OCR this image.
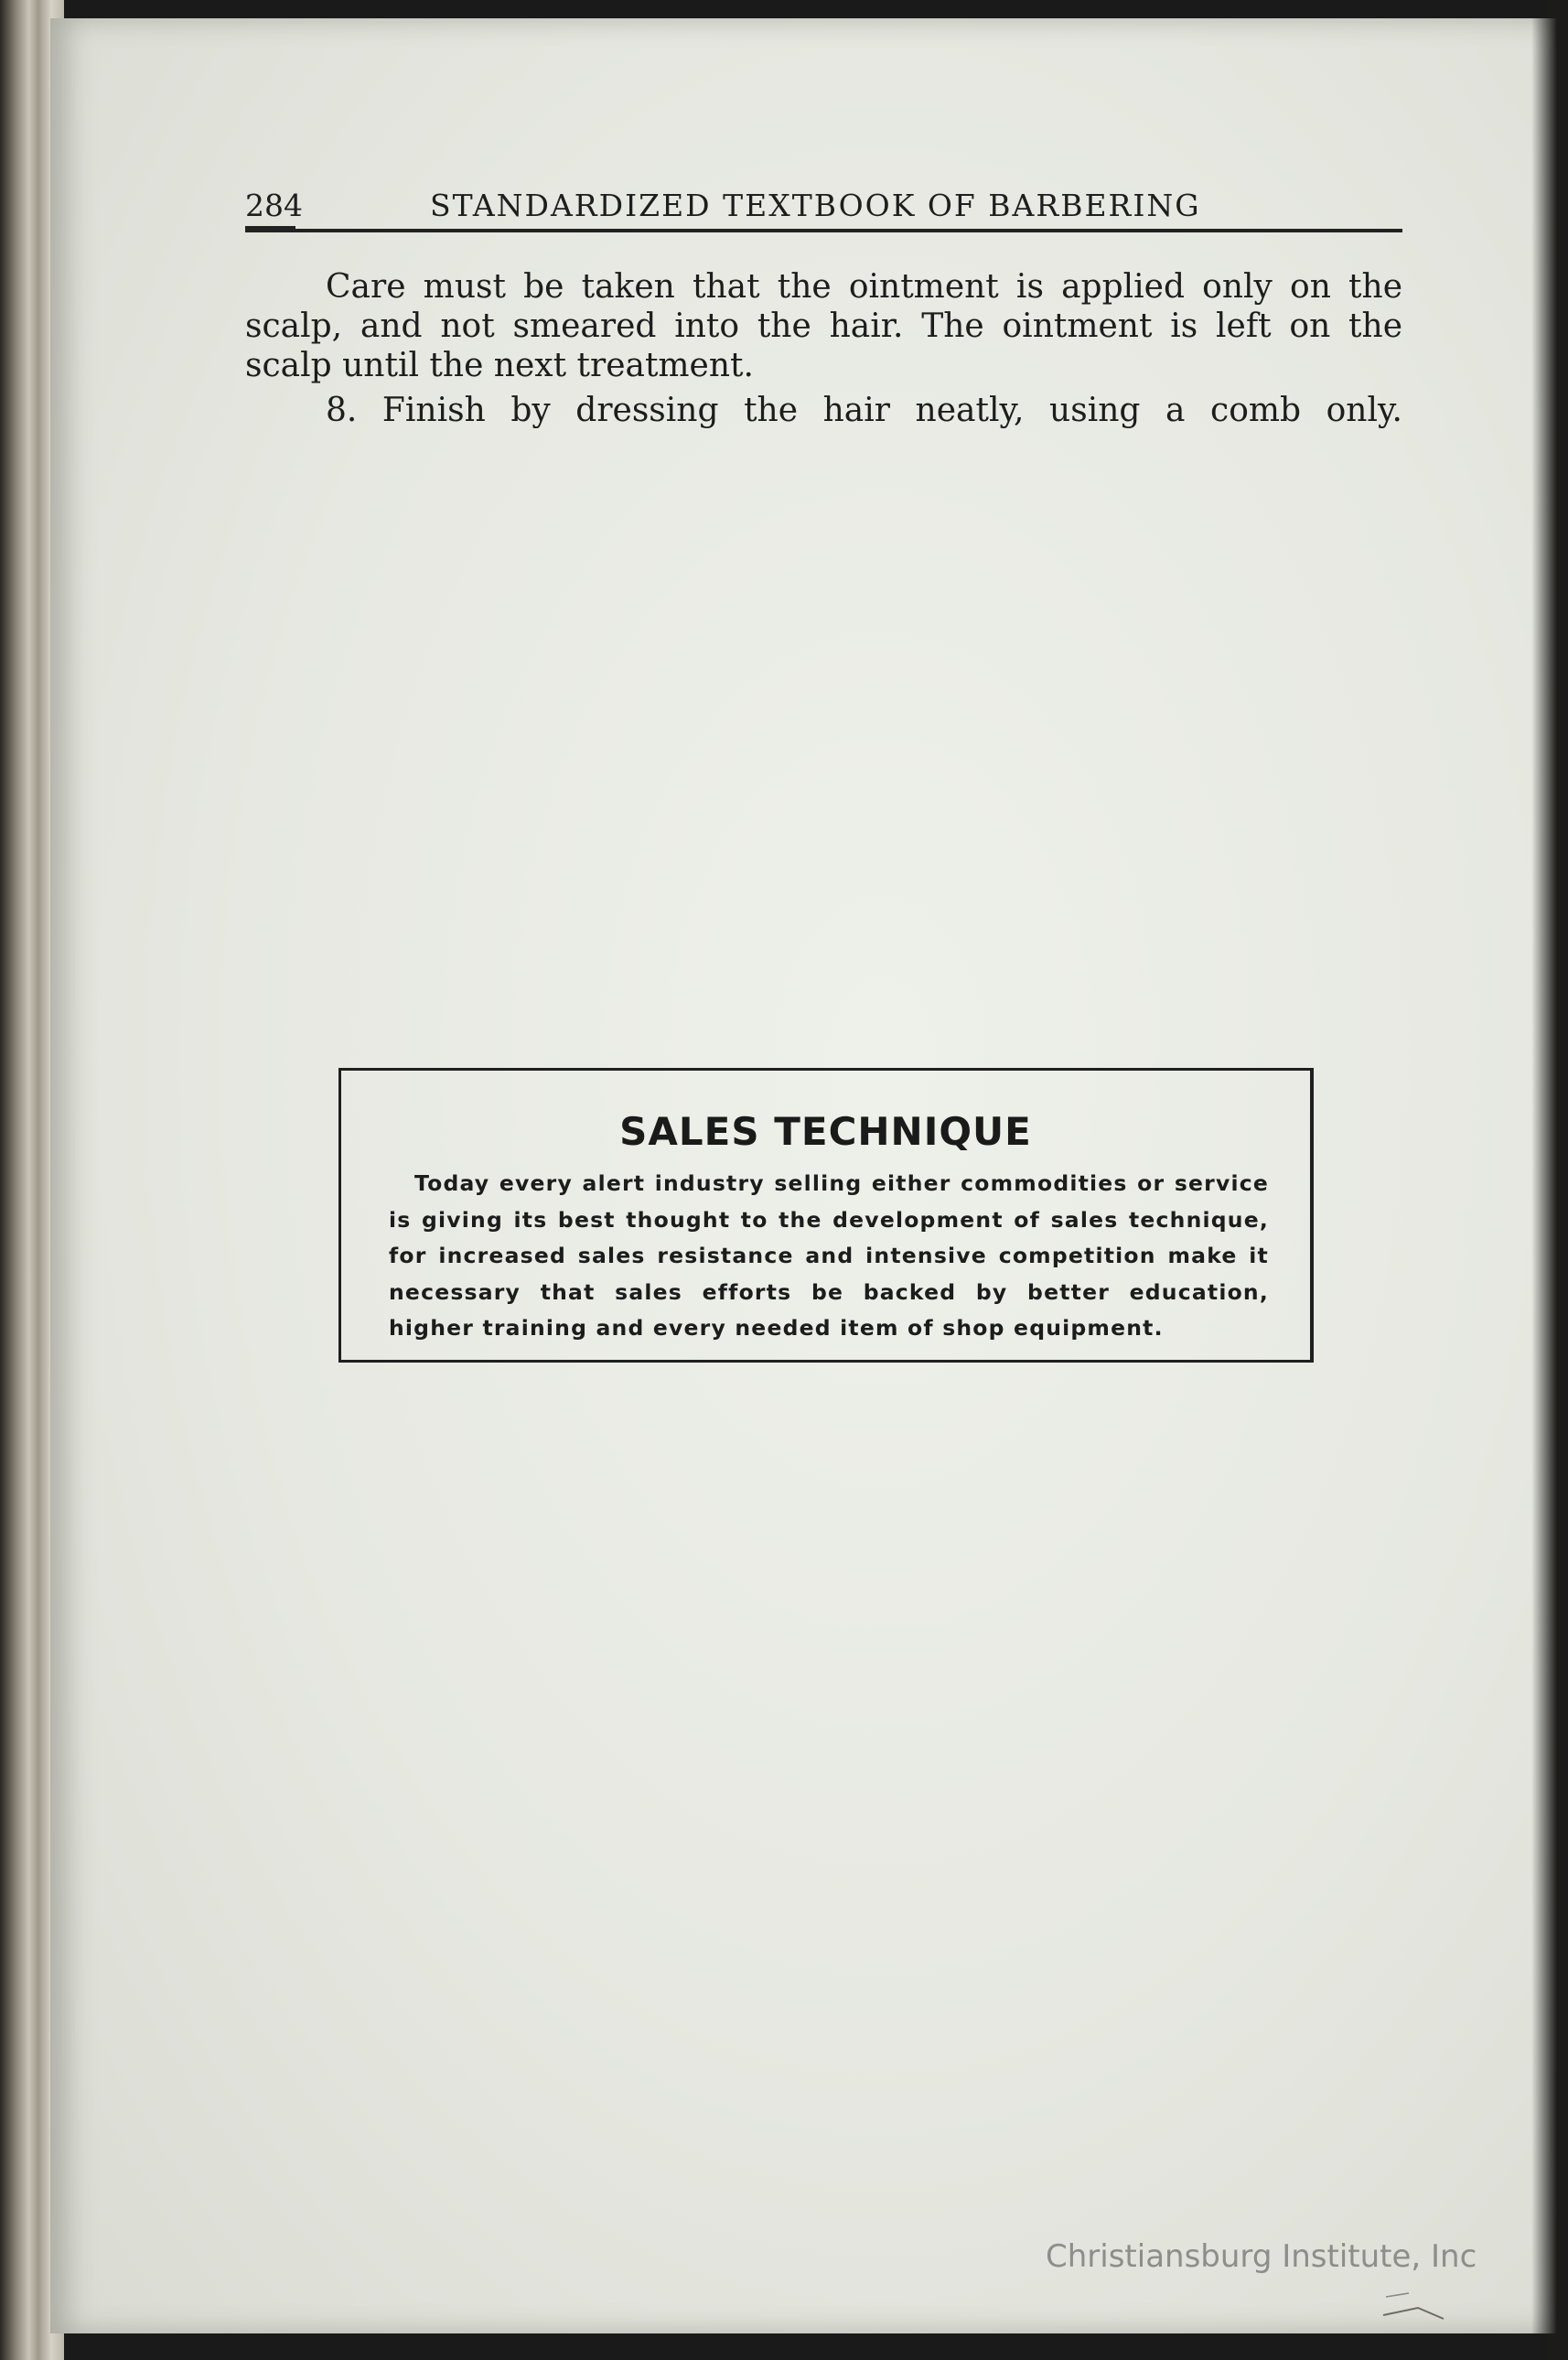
284	STANDARDIZED TEXTBOOK OF BARBERING

Care must be taken that the ointment is applied only on the scalp, and not smeared into the hair. The ointment is left on the scalp until the next treatment.

8. Finish by dressing the hair neatly, using a comb only.

SALES TECHNIQUE
Today every alert industry selling either commodities or service is giving its best thought to the development of sales technique, for increased sales resistance and intensive competition make it necessary that sales efforts be backed by better education, higher training and every needed item of shop equipment.
Christiansburg Institute, Inc
